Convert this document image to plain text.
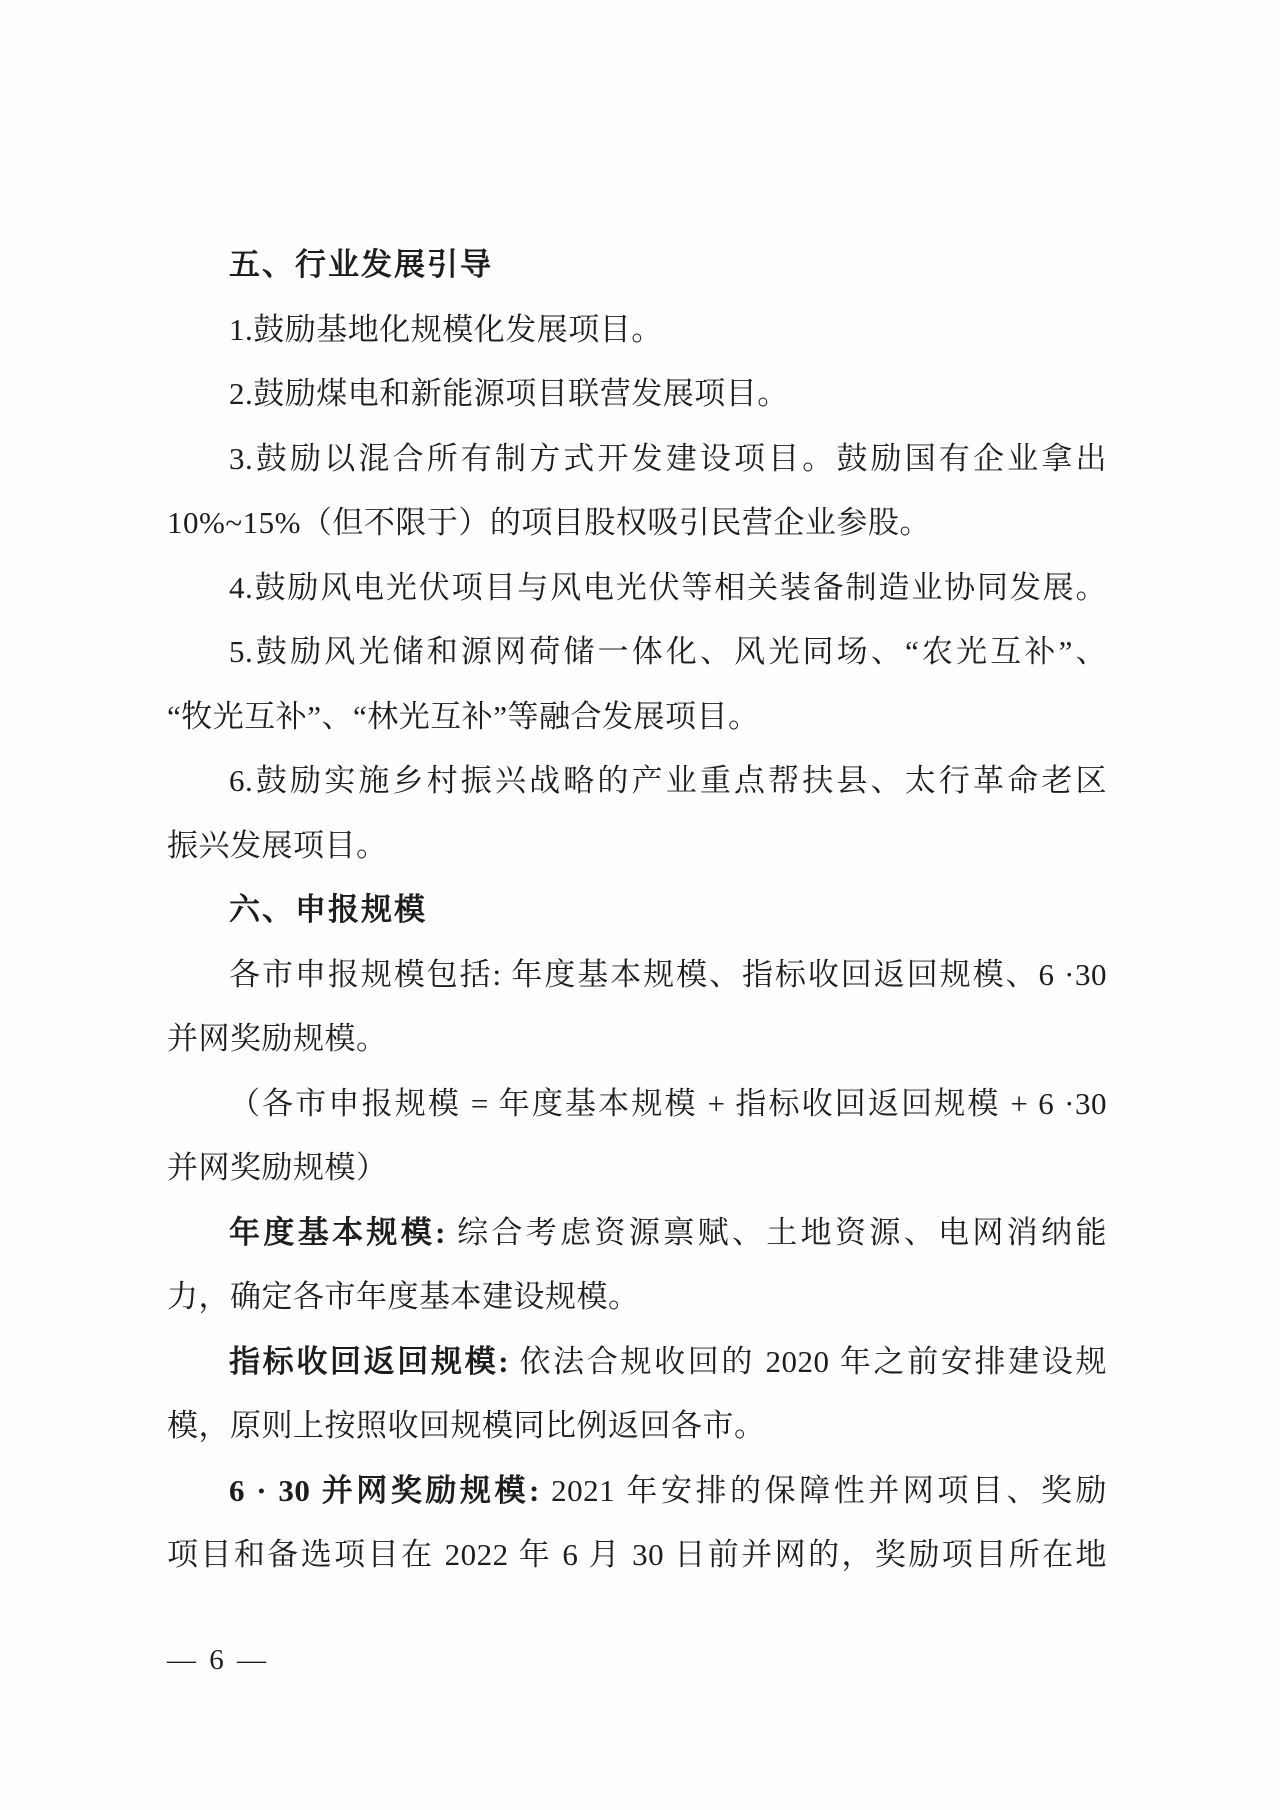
五、行业发展引导
1.鼓励基地化规模化发展项目。
2.鼓励煤电和新能源项目联营发展项目。
3.鼓励以混合所有制方式开发建设项目。鼓励国有企业拿出
10%~15%（但不限于）的项目股权吸引民营企业参股。
4.鼓励风电光伏项目与风电光伏等相关装备制造业协同发展。
5.鼓励风光储和源网荷储一体化、风光同场、“农光互补”、
“牧光互补”、“林光互补”等融合发展项目。
6.鼓励实施乡村振兴战略的产业重点帮扶县、太行革命老区
振兴发展项目。
六、申报规模
各市申报规模包括: 年度基本规模、指标收回返回规模、6 ·30
并网奖励规模。
（各市申报规模 = 年度基本规模 + 指标收回返回规模 + 6 ·30
并网奖励规模）
年度基本规模: 综合考虑资源禀赋、土地资源、电网消纳能
力，确定各市年度基本建设规模。
指标收回返回规模: 依法合规收回的 2020 年之前安排建设规
模，原则上按照收回规模同比例返回各市。
6 · 30 并网奖励规模: 2021 年安排的保障性并网项目、奖励
项目和备选项目在 2022 年 6 月 30 日前并网的，奖励项目所在地
— 6 —
